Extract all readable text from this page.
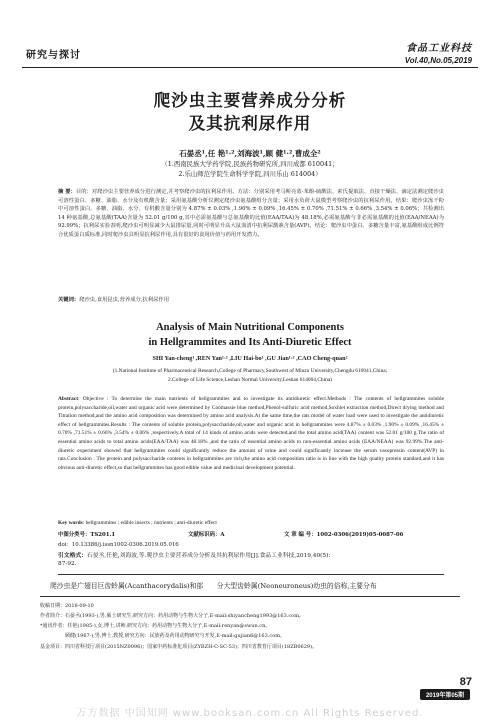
研究与探讨
食品工业科技
Vol.40,No.05,2019
爬沙虫主要营养成分分析
及其抗利尿作用
石晏丞¹,任 艳¹·²,刘海波¹,顾 健¹·²,曹成全²
（1.西南民族大学药学院,民族药物研究所,四川成都 610041；
2.乐山师范学院生命科学学院,四川乐山 614004）
摘 要：目的：对爬沙虫主要营养成分进行测定,并考察爬沙虫的抗利尿作用。方法：分别采用考马斯亮蓝-苯酚-硫酸法、索氏提取法、直接干燥法、滴定法测定爬沙虫可溶性蛋白、多糖、油脂、水分及有机酸含量；采用氨基酸分析仪测定爬沙虫氨基酸组分含量；采用水负荷大鼠模型考察爬沙虫的抗利尿作用。结果：爬沙虫冻干粉中可溶性蛋白、多糖、油脂、水分、有机酸含量分别为 4.87% ± 0.03% ,1.90% ± 0.09% ,16.45% ± 0.70% ,71.51% ± 0.66% ,3.54% ± 0.06%；共检测出 14 种氨基酸,总氨基酸(TAA)含量为 52.01 g/100 g,其中必需氨基酸与总氨基酸的比值(EAA/TAA)为 48.18%,必需氨基酸与非必需氨基酸的比值(EAA/NEAA)为 92.99%；抗利尿实验表明,爬沙虫可明显减少大鼠排尿量,同时可明显升高大鼠血清中抗利尿激素含量(AVP)。结论：爬沙虫中蛋白、多糖含量丰富,氨基酸组成比例符合优质蛋白质标准,同时爬沙虫具明显抗利尿作用,具有很好的食用价值与药用开发潜力。
关键词：爬沙虫,食用昆虫,营养成分,抗利尿作用
Analysis of Main Nutritional Components
in Hellgrammites and Its Anti-Diuretic Effect
SHI Yan-cheng¹ ,REN Yan¹·² ,LIU Hai-bo¹ ,GU Jian¹·² ,CAO Cheng-quan²
(1.National Institute of Pharmaceutical Research,College of Pharmacy,Southwest of Minzu University,Chengdu 610041,China;
2.College of Life Science,Leshan Normal University,Leshan 614004,China)
Abstract: Objective : To determine the main nutrients of hellgrammites and to investigate its antidiuretic effect.Methods : The contents of hellgrammites soluble protein,polysaccharide,oil,water and organic acid were determined by Coomassie blue method,Phenol-sulfuric acid method,Soxhlet extraction method,Direct drying method and Titration method,and the amino acid composition was determined by amino acid analysis.At the same time,the rats model of water load were used to investigate the antidiuretic effect of hellgrammites.Results : The contents of soluble protein,polysaccharide,oil,water and organic acid in hellgrammites were 4.87% ± 0.03% ,1.90% ± 0.09% ,16.45% ± 0.70% ,71.51% ± 0.66% ,3.54% ± 0.06% ,respectively.A total of 14 kinds of amino acids were detected,and the total amino acid(TAA) content was 52.01 g/100 g.The ratio of essential amino acids to total amino acids(EAA/TAA) was 48.18% ,and the ratio of essential amino acids to non-essential amino acids (EAA/NEAA) was 92.99%.The anti-diuretic experiment showed that hellgrammites could significantly reduce the amount of urine and could significantly increase the serum vasopressin content(AVP) in rats.Conclusion : The protein and polysaccharide contents in hellgrammites are rich,the amino acid composition ratio is in line with the high quality protein standard,and it has obvious anti-diuretic effect,so that hellgrammites has good edible value and medicinal development potential.
Key words: hellgrammites ; edible insects ; nutrients ; anti-diuretic effect
中图分类号：TS201.1	文献标识码：A	文 章 编 号：1002-0306(2019)05-0087-06
doi：10.13386/j.issn1002-0306.2019.05.016
引文格式：石晏丞,任艳,刘海波,等.爬沙虫主要营养成分分析及其抗利尿作用[J].食品工业科技,2019,40(5):
87-92.
爬沙虫是广翅目巨齿蛉属(Acanthacorydalis)和部　　分大型齿蛉属(Neoneuroneus)幼虫的俗称,主要分布
收稿日期：2018-09-10
作者简介：石晏丞(1993-),男,硕士研究生,研究方向：药用动物与生物大分子,E-mail:shiyancheng1993@163.com。
*通讯作者：任艳(1985-),女,博士,讲师,研究方向：药用动物与生物大分子,E-mail:renyan@swun.cn。
　　　　　顾健(1967-),男,博士,教授,研究方向：民族药及药用动物研究与开发,E-mail:gujian6@163.com。
基金项目：四川省科技厅项目(2015NZ0096)；国家中药标准化项目(ZYBZH-C-SC-53)；四川省教育厅项目(18ZB0629)。
87
2019年第05期
万方数据 中国知网 www.booksan.com.cn All Rights Reserved.
